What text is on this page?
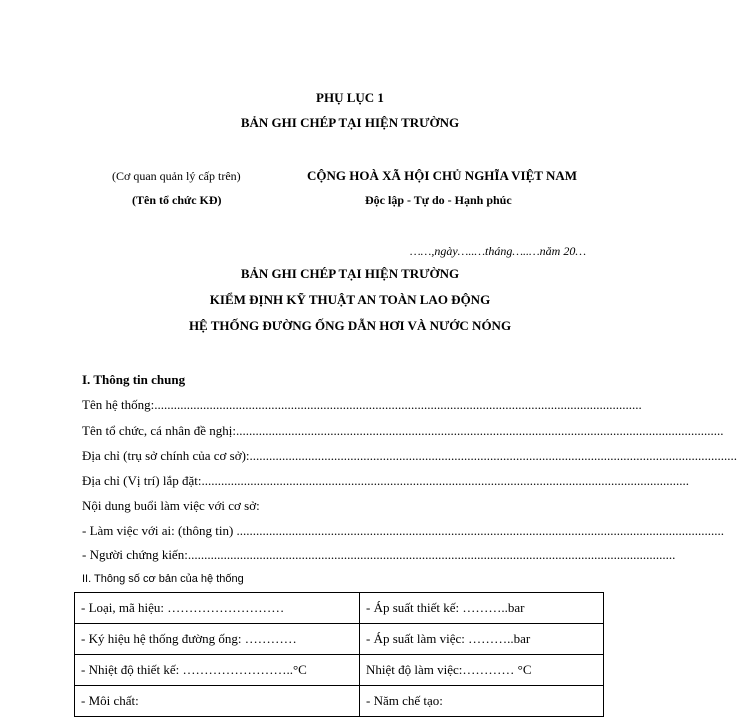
PHỤ LỤC 1
BẢN GHI CHÉP TẠI HIỆN TRƯỜNG
(Cơ quan quản lý cấp trên)
(Tên tổ chức KĐ)
CỘNG HOÀ XÃ HỘI CHỦ NGHĨA VIỆT NAM
Độc lập - Tự do - Hạnh phúc
……,ngày…..…tháng…..…năm 20…
BẢN GHI CHÉP TẠI HIỆN TRƯỜNG
KIỂM ĐỊNH KỸ THUẬT AN TOÀN LAO ĐỘNG
HỆ THỐNG ĐƯỜNG ỐNG DẪN HƠI VÀ NƯỚC NÓNG
I. Thông tin chung
Tên hệ thống:......................................................................................................................................................
Tên tổ chức, cá nhân đề nghị:......................................................................................................................................................
Địa chỉ (trụ sở chính của cơ sở):......................................................................................................................................................
Địa chỉ (Vị trí) lắp đặt:......................................................................................................................................................
Nội dung buổi làm việc với cơ sở:
- Làm việc với ai: (thông tin) ......................................................................................................................................................
- Người chứng kiến:......................................................................................................................................................
II. Thông số cơ bản của hệ thống
- Loại, mã hiệu: ………………………	- Áp suất thiết kế: ………..bar
- Ký hiệu hệ thống đường ống: …………	- Áp suất làm việc: ………..bar
- Nhiệt độ thiết kế: ……………………..°C	Nhiệt độ làm việc:………… °C
- Môi chất:	- Năm chế tạo:
